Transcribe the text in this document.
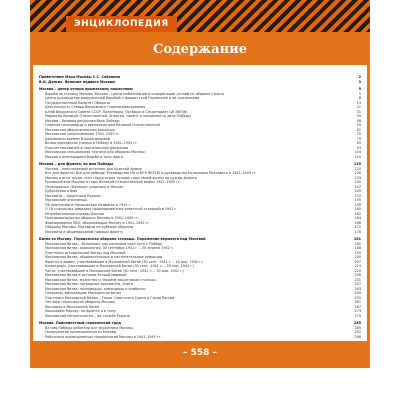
ЭНЦИКЛОПЕДИЯ
Содержание
Приветствие Мэра Москвы С.С. Собянина	2
В.И. Долгих. Величие подвига Москвы	3
Москва – центр отпора вражескому нашествию	5
Борьба за столицу Москва. Москва – центр мобилизации и координации усилий по обороне страны	5
Центр руководства вооруженной борьбой с фашистской Германией и ее союзниками	8
Государственный Комитет Обороны	13
Деятельность Ставки Верховного Главнокомандования	21
Штаб Верховного Совета СССР, Политбюро, Оргбюро и Секретариат ЦК ВКП(б)	31
Маршалы Великой Отечественной. Энергия, талант и преданность делу Победы	39
Москва – базовая ресурсная база Победы	48
Главные полководцы и военачальники Великой Отечественной	55
Московская оборонительная коалиция	62
Московское сопротивление 1941–1945 гг.	70
Дипломаты времен Второй мировой	79
Вклад московских ученых в Победу в 1941–1945 гг.	85
Участие москвичей в партизанском движении	93
Московская специальная техника для обороны Москвы	104
Москва и всенародная борьба в тылу врага	110
Москва – для фронта, во имя Победы	120
Москва – неиссякаемый источник для Красной Армии	120
Все для фронта! Все для победы! Руководство НК и МГК ВКП(б) и руководство Исполкома Моссовета в 1941–1945 гг.	126
Москва в огне труда: этот город отдал лучшие годы своей жизни на нужды фронта	133
Руководители Москвы в годы Великой Отечественной войны 1941–1945 гг.	140
Легендарная «Катюша» родилась в Москве	147
Дубосеково в бою	149
Москвичи – защитники Родины	152
Московские ополченцы	155
Об ополчении и героических подвигах в 1941 г.	158
О 16 столичных дивизиях сформированных советской столицей в 1941 г.	160
Истребительные отряды Москвы	162
Противовоздушная оборона Москвы в 1941–1945 гг.	164
Формирования ПВО, обороняющих Москву в 1941–1945 гг.	168
Обороны Москвы. Москвичи на рубежах обороны	172
Москвичи в общенародной помощи фронту	176
Битва за Москву. Героическая оборона столицы. Поражение вермахта под Москвой	181
Московская битва... Вспомним, как начинали свой путь к Победе	181
Московская битва, хронология: 30 сентября 1941 г. – 20 апреля 1942 г.	188
Участники исторической битвы под Москвой	194
Московская битва, оборонительные и наступательные операции	200
Фронты и армии, участвовавшие в Московской битве (30 сент. 1941 г. – 20 апр. 1942 г.)	207
Командиры, участвовавшие в Московской битве (30 сент. 1941 г. – 20 апр. 1942 г.)	214
Части, участвовавшие в Московской битве (30 сент. 1941 г. – 20 апр. 1942 г.)	220
Московская битва в истории Второй мировой	226
Московская битва: мужество и героизм защитников столицы	231
Московская битва: наградные документы, книги	237
Московская битва: полководцы, командиры и комбриги	243
Генералы, выигравшие Московскую битву	249
Участники Московской битвы – Герои Советского Союза и Герои России	255
Летчики героической обороны Москвы	261
Москвичи в Московской битве	267
Защищаем Москву: на фронте и в тылу	273
Московский метрополитен – на службе Родине	279
Москва. Повсеместный героический труд	285
Во имя Победы работали все труженики Москвы	285
Предприятия промышленности Москвы	292
Работники промышленных предприятий Москвы в 1941–1945 гг.	298
– 558 –
